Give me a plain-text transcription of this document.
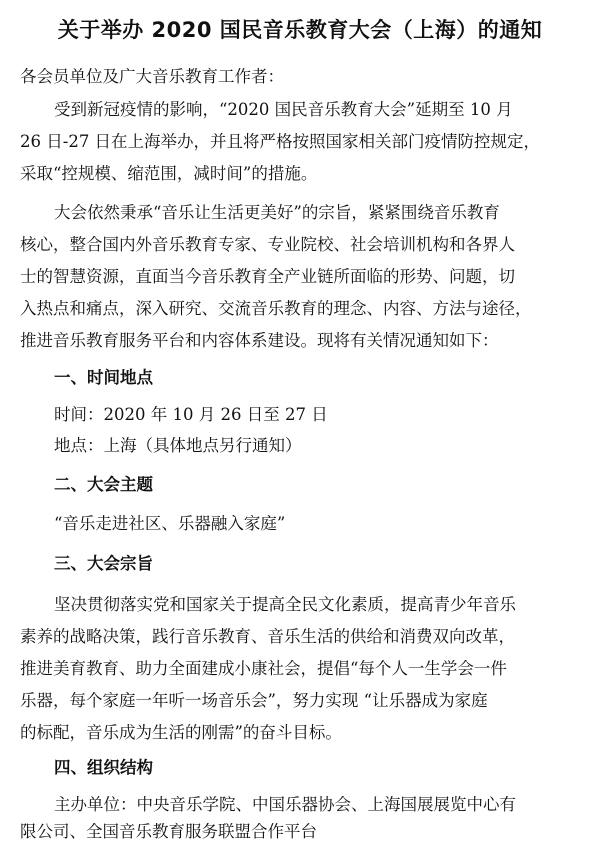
关于举办 2020 国民音乐教育大会（上海）的通知
各会员单位及广大音乐教育工作者：
受到新冠疫情的影响，“2020 国民音乐教育大会”延期至 10 月
26 日-27 日在上海举办，并且将严格按照国家相关部门疫情防控规定，
采取“控规模、缩范围，减时间”的措施。
大会依然秉承“音乐让生活更美好”的宗旨，紧紧围绕音乐教育
核心，整合国内外音乐教育专家、专业院校、社会培训机构和各界人
士的智慧资源，直面当今音乐教育全产业链所面临的形势、问题，切
入热点和痛点，深入研究、交流音乐教育的理念、内容、方法与途径，
推进音乐教育服务平台和内容体系建设。现将有关情况通知如下：
一、时间地点
时间：2020 年 10 月 26 日至 27 日
地点：上海（具体地点另行通知）
二、大会主题
“音乐走进社区、乐器融入家庭”
三、大会宗旨
坚决贯彻落实党和国家关于提高全民文化素质，提高青少年音乐
素养的战略决策，践行音乐教育、音乐生活的供给和消费双向改革，
推进美育教育、助力全面建成小康社会，提倡“每个人一生学会一件
乐器，每个家庭一年听一场音乐会”，努力实现 “让乐器成为家庭
的标配，音乐成为生活的刚需”的奋斗目标。
四、组织结构
主办单位：中央音乐学院、中国乐器协会、上海国展展览中心有
限公司、全国音乐教育服务联盟合作平台
